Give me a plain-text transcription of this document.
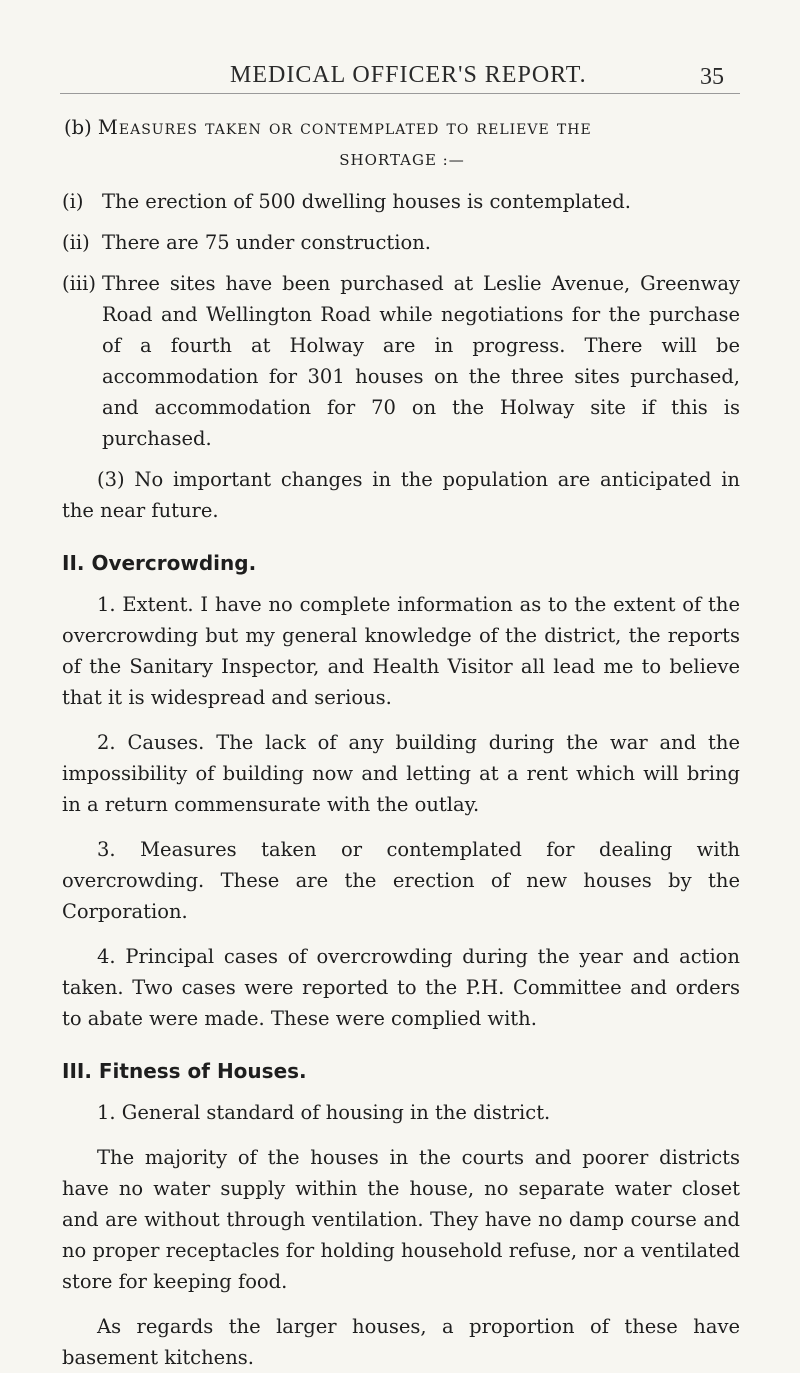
MEDICAL OFFICER'S REPORT.	35
(b) Measures taken or contemplated to relieve the
SHORTAGE :—
(i) The erection of 500 dwelling houses is contemplated.
(ii) There are 75 under construction.
(iii) Three sites have been purchased at Leslie Avenue, Greenway Road and Wellington Road while negotiations for the purchase of a fourth at Holway are in progress. There will be accommodation for 301 houses on the three sites purchased, and accommodation for 70 on the Holway site if this is purchased.

(3) No important changes in the population are anticipated in the near future.

II. Overcrowding.

1. Extent. I have no complete information as to the extent of the overcrowding but my general knowledge of the district, the reports of the Sanitary Inspector, and Health Visitor all lead me to believe that it is widespread and serious.

2. Causes. The lack of any building during the war and the impossibility of building now and letting at a rent which will bring in a return commensurate with the outlay.

3. Measures taken or contemplated for dealing with overcrowding. These are the erection of new houses by the Corporation.

4. Principal cases of overcrowding during the year and action taken. Two cases were reported to the P.H. Committee and orders to abate were made. These were complied with.

III. Fitness of Houses.

1. General standard of housing in the district.

The majority of the houses in the courts and poorer districts have no water supply within the house, no separate water closet and are without through ventilation. They have no damp course and no proper receptacles for holding household refuse, nor a ventilated store for keeping food.

As regards the larger houses, a proportion of these have basement kitchens.
